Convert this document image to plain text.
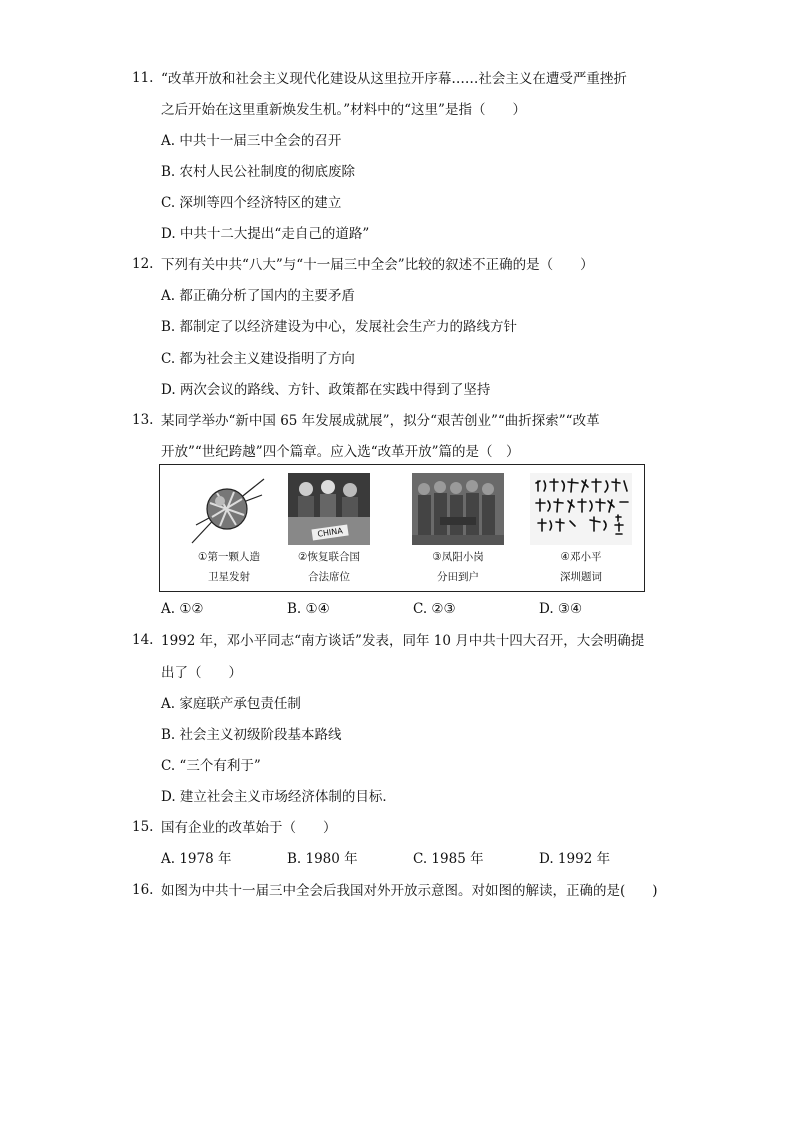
11. “改革开放和社会主义现代化建设从这里拉开序幕……社会主义在遭受严重挫折
之后开始在这里重新焕发生机。”材料中的“这里”是指（　　）
A. 中共十一届三中全会的召开
B. 农村人民公社制度的彻底废除
C. 深圳等四个经济特区的建立
D. 中共十二大提出“走自己的道路”
12. 下列有关中共“八大”与“十一届三中全会”比较的叙述不正确的是（　　）
A. 都正确分析了国内的主要矛盾
B. 都制定了以经济建设为中心，发展社会生产力的路线方针
C. 都为社会主义建设指明了方向
D. 两次会议的路线、方针、政策都在实践中得到了坚持
13. 某同学举办“新中国 65 年发展成就展”，拟分“艰苦创业”“曲折探索”“改革
开放”“世纪跨越”四个篇章。应入选“改革开放”篇的是（　）
CHINA
①第一颗人造
卫星发射
②恢复联合国
合法席位
③凤阳小岗
分田到户
④邓小平
深圳题词
A. ①②	B. ①④	C. ②③	D. ③④
14. 1992 年，邓小平同志“南方谈话”发表，同年 10 月中共十四大召开，大会明确提
出了（　　）
A. 家庭联产承包责任制
B. 社会主义初级阶段基本路线
C. “三个有利于”
D. 建立社会主义市场经济体制的目标．
15. 国有企业的改革始于（　　）
A. 1978 年	B. 1980 年	C. 1985 年	D. 1992 年
16. 如图为中共十一届三中全会后我国对外开放示意图。对如图的解读，正确的是(　　)
